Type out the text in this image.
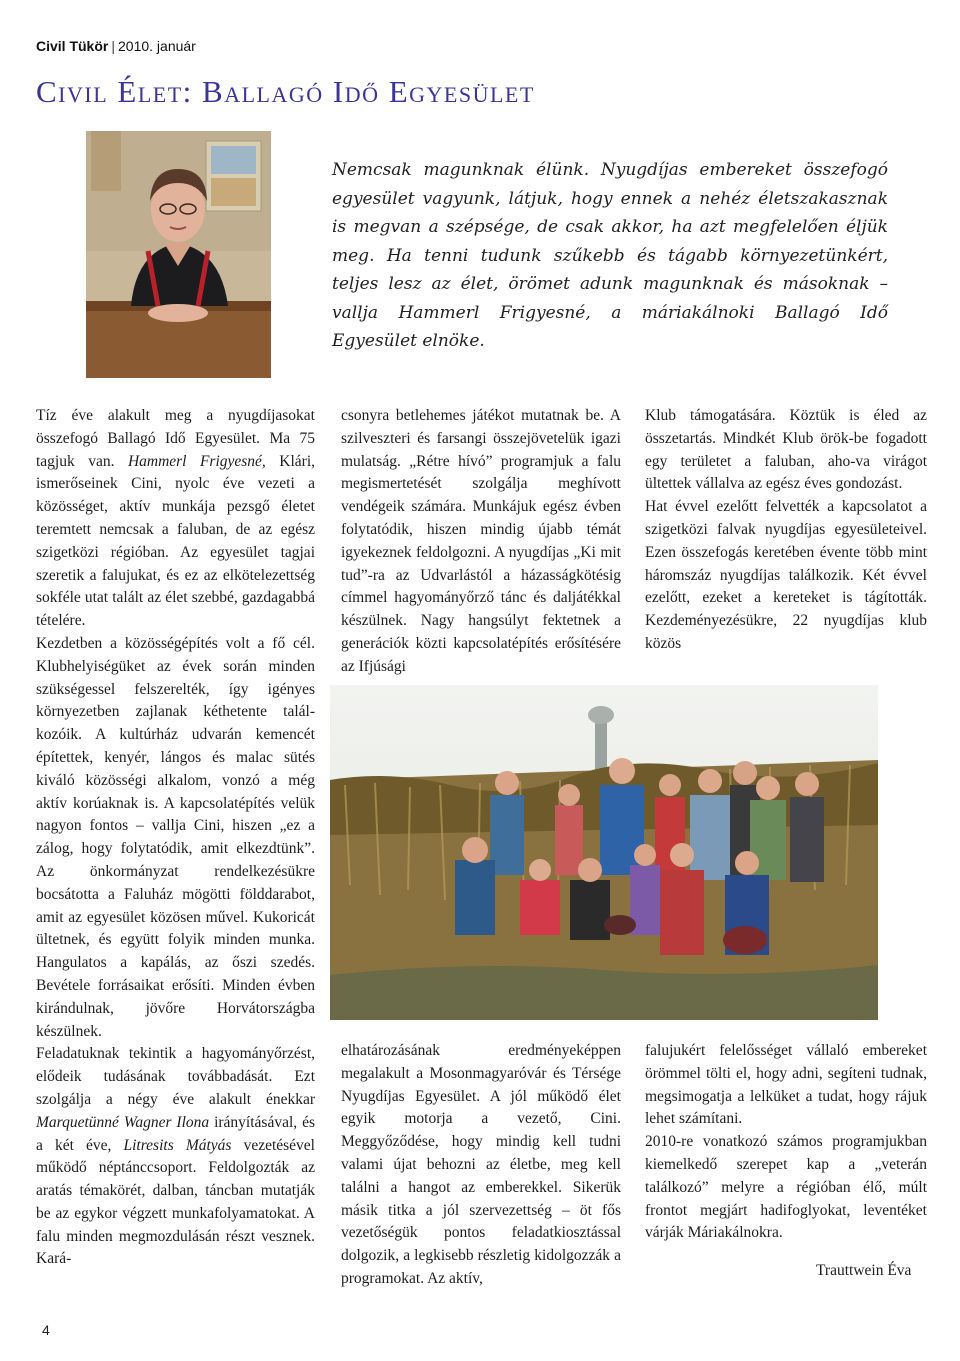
Civil Tükör | 2010. január
Civil Élet: Ballagó Idő Egyesület

Nemcsak magunknak élünk. Nyugdíjas embereket összefogó egyesület vagyunk, látjuk, hogy ennek a nehéz életszakasznak is megvan a szépsége, de csak akkor, ha azt megfelelően éljük meg. Ha tenni tudunk szűkebb és tágabb környezetünkért, teljes lesz az élet, örömet adunk magunknak és másoknak – vallja Hammerl Frigyesné, a máriakálnoki Ballagó Idő Egyesület elnöke.

Tíz éve alakult meg a nyugdíjasokat összefogó Ballagó Idő Egyesület. Ma 75 tagjuk van. Hammerl Frigyesné, Klári, ismerőseinek Cini, nyolc éve vezeti a közösséget, aktív munkája pezsgő életet teremtett nemcsak a faluban, de az egész szigetközi régióban. Az egyesület tagjai szeretik a falujukat, és ez az elkötelezettség sokféle utat talált az élet szebbé, gazdagabbá tételére.

Kezdetben a közösségépítés volt a fő cél. Klubhelyiségüket az évek során minden szükségessel felszerelték, így igényes környezetben zajlanak kéthetente találkozóik. A kultúrház udvarán kemencét építettek, kenyér, lángos és malac sütés kiváló közösségi alkalom, vonzó a még aktív korúaknak is. A kapcsolatépítés velük nagyon fontos – vallja Cini, hiszen „ez a zálog, hogy folytatódik, amit elkezdtünk”. Az önkormányzat rendelkezésükre bocsátotta a Faluház mögötti földdarabot, amit az egyesület közösen művel. Kukoricát ültetnek, és együtt folyik minden munka. Hangulatos a kapálás, az őszi szedés. Bevétele forrásaikat erősíti. Minden évben kirándulnak, jövőre Horvátországba készülnek.

Feladatuknak tekintik a hagyományőrzést, elődeik tudásának továbbadását. Ezt szolgálja a négy éve alakult énekkar Marquetünné Wagner Ilona irányításával, és a két éve, Litresits Mátyás vezetésével működő néptánccsoport. Feldolgozták az aratás témakörét, dalban, táncban mutatják be az egykor végzett munkafolyamatokat. A falu minden megmozdulásán részt vesznek. Kará-

csonyra betlehemes játékot mutatnak be. A szilveszteri és farsangi összejövetelük igazi mulatság. „Rétre hívó” programjuk a falu megismertetését szolgálja meghívott vendégeik számára. Munkájuk egész évben folytatódik, hiszen mindig újabb témát igyekeznek feldolgozni. A nyugdíjas „Ki mit tud”-ra az Udvarlástól a házasságkötésig címmel hagyományőrző tánc és daljátékkal készülnek. Nagy hangsúlyt fektetnek a generációk közti kapcsolatépítés erősítésére az Ifjúsági

Klub támogatására. Köztük is éled az összetartás. Mindkét Klub örök-be fogadott egy területet a faluban, aho-va virágot ültettek vállalva az egész éves gondozást.

Hat évvel ezelőtt felvették a kapcsolatot a szigetközi falvak nyugdíjas egyesületeivel. Ezen összefogás keretében évente több mint háromszáz nyugdíjas találkozik. Két évvel ezelőtt, ezeket a kereteket is tágították. Kezdeményezésükre, 22 nyugdíjas klub közös

elhatározásának eredményeképpen megalakult a Mosonmagyaróvár és Térsége Nyugdíjas Egyesület. A jól működő élet egyik motorja a vezető, Cini. Meggyőződése, hogy mindig kell tudni valami újat behozni az életbe, meg kell találni a hangot az emberekkel. Sikerük másik titka a jól szervezettség – öt fős vezetőségük pontos feladatkiosztással dolgozik, a legkisebb részletig kidolgozzák a programokat. Az aktív,

falujukért felelősséget vállaló embereket örömmel tölti el, hogy adni, segíteni tudnak, megsimogatja a lelküket a tudat, hogy rájuk lehet számítani.

2010-re vonatkozó számos programjukban kiemelkedő szerepet kap a „veterán találkozó” melyre a régióban élő, múlt frontot megjárt hadifoglyokat, leventéket várják Máriakálnokra.

Trauttwein Éva
4
